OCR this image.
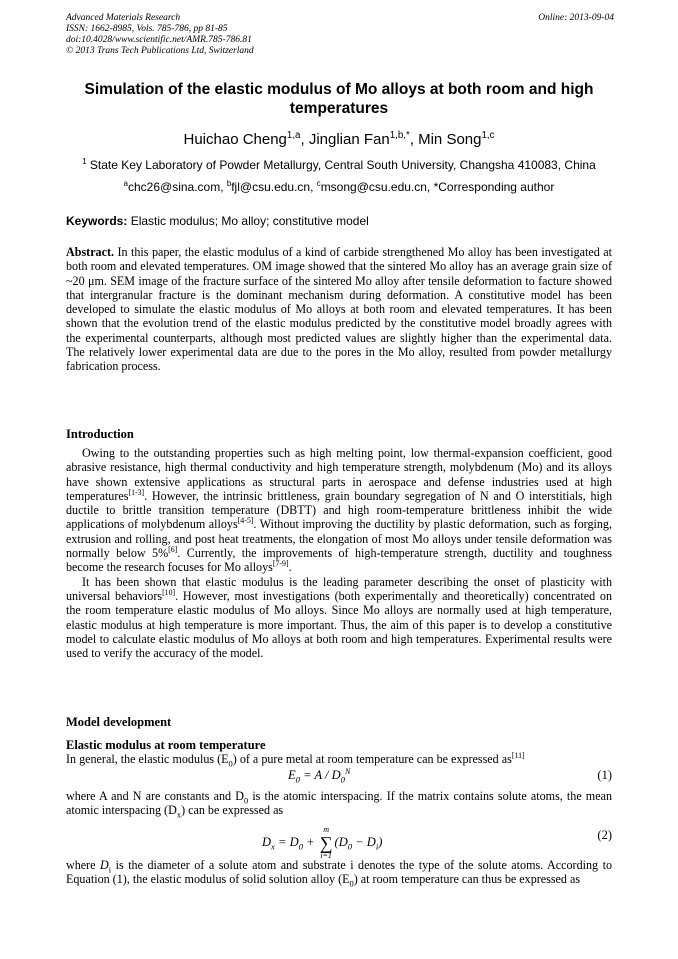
Advanced Materials Research
ISSN: 1662-8985, Vols. 785-786, pp 81-85
doi:10.4028/www.scientific.net/AMR.785-786.81
© 2013 Trans Tech Publications Ltd, Switzerland
Online: 2013-09-04
Simulation of the elastic modulus of Mo alloys at both room and high temperatures
Huichao Cheng$^{1,a}$, Jinglian Fan$^{1,b,*}$, Min Song$^{1,c}$
$^1$ State Key Laboratory of Powder Metallurgy, Central South University, Changsha 410083, China
$^a$chc26@sina.com, $^b$fjl@csu.edu.cn, $^c$msong@csu.edu.cn, *Corresponding author
Keywords: Elastic modulus; Mo alloy; constitutive model
Abstract. In this paper, the elastic modulus of a kind of carbide strengthened Mo alloy has been investigated at both room and elevated temperatures. OM image showed that the sintered Mo alloy has an average grain size of ~20 μm. SEM image of the fracture surface of the sintered Mo alloy after tensile deformation to facture showed that intergranular fracture is the dominant mechanism during deformation. A constitutive model has been developed to simulate the elastic modulus of Mo alloys at both room and elevated temperatures. It has been shown that the evolution trend of the elastic modulus predicted by the constitutive model broadly agrees with the experimental counterparts, although most predicted values are slightly higher than the experimental data. The relatively lower experimental data are due to the pores in the Mo alloy, resulted from powder metallurgy fabrication process.
Introduction

Owing to the outstanding properties such as high melting point, low thermal-expansion coefficient, good abrasive resistance, high thermal conductivity and high temperature strength, molybdenum (Mo) and its alloys have shown extensive applications as structural parts in aerospace and defense industries used at high temperatures[1-3]. However, the intrinsic brittleness, grain boundary segregation of N and O interstitials, high ductile to brittle transition temperature (DBTT) and high room-temperature brittleness inhibit the wide applications of molybdenum alloys[4-5]. Without improving the ductility by plastic deformation, such as forging, extrusion and rolling, and post heat treatments, the elongation of most Mo alloys under tensile deformation was normally below 5%[6]. Currently, the improvements of high-temperature strength, ductility and toughness become the research focuses for Mo alloys[7-9].

It has been shown that elastic modulus is the leading parameter describing the onset of plasticity with universal behaviors[10]. However, most investigations (both experimentally and theoretically) concentrated on the room temperature elastic modulus of Mo alloys. Since Mo alloys are normally used at high temperature, elastic modulus at high temperature is more important. Thus, the aim of this paper is to develop a constitutive model to calculate elastic modulus of Mo alloys at both room and high temperatures. Experimental results were used to verify the accuracy of the model.

Model development
Elastic modulus at room temperature
In general, the elastic modulus $(E_0)$ of a pure metal at room temperature can be expressed as[11]
$E_0 = A / D_0^N$	(1)
where A and N are constants and $D_0$ is the atomic interspacing. If the matrix contains solute atoms, the mean atomic interspacing $(D_x)$ can be expressed as
$D_x = D_0$ +
m
∑
i=1
$(D_0 - D_i)$	(2)
where $D_i$ is the diameter of a solute atom and substrate i denotes the type of the solute atoms. According to Equation (1), the elastic modulus of solid solution alloy $(E_0)$ at room temperature can thus be expressed as
